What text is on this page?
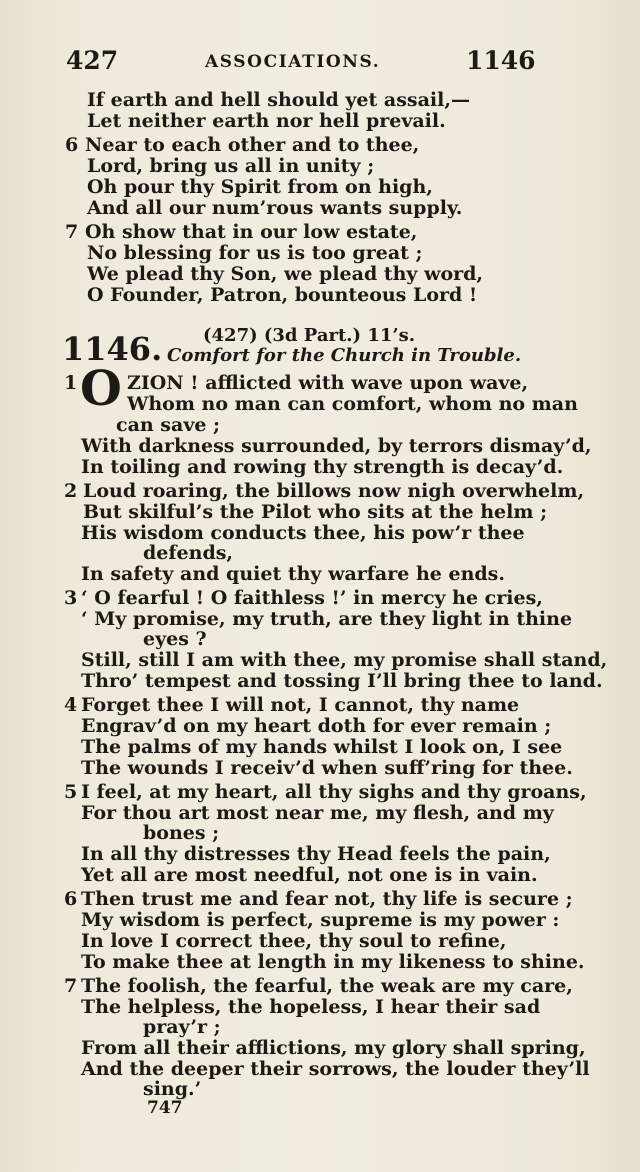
427	ASSOCIATIONS.	1146
If earth and hell should yet assail,—
Let neither earth nor hell prevail.
6 Near to each other and to thee,
Lord, bring us all in unity ;
Oh pour thy Spirit from on high,
And all our num’rous wants supply.
7 Oh show that in our low estate,
No blessing for us is too great ;
We plead thy Son, we plead thy word,
O Founder, Patron, bounteous Lord !
1146. (427) (3d Part.) 11’s.
Comfort for the Church in Trouble.
1 O ZION ! afflicted with wave upon wave,
Whom no man can comfort, whom no man
can save ;
With darkness surrounded, by terrors dismay’d,
In toiling and rowing thy strength is decay’d.
2 Loud roaring, the billows now nigh overwhelm,
But skilful’s the Pilot who sits at the helm ;
His wisdom conducts thee, his pow’r thee
defends,
In safety and quiet thy warfare he ends.
3 ‘ O fearful ! O faithless !’ in mercy he cries,
‘ My promise, my truth, are they light in thine
eyes ?
Still, still I am with thee, my promise shall stand,
Thro’ tempest and tossing I’ll bring thee to land.
4 Forget thee I will not, I cannot, thy name
Engrav’d on my heart doth for ever remain ;
The palms of my hands whilst I look on, I see
The wounds I receiv’d when suff’ring for thee.
5 I feel, at my heart, all thy sighs and thy groans,
For thou art most near me, my flesh, and my
bones ;
In all thy distresses thy Head feels the pain,
Yet all are most needful, not one is in vain.
6 Then trust me and fear not, thy life is secure ;
My wisdom is perfect, supreme is my power :
In love I correct thee, thy soul to refine,
To make thee at length in my likeness to shine.
7 The foolish, the fearful, the weak are my care,
The helpless, the hopeless, I hear their sad
pray’r ;
From all their afflictions, my glory shall spring,
And the deeper their sorrows, the louder they’ll
sing.’
747
